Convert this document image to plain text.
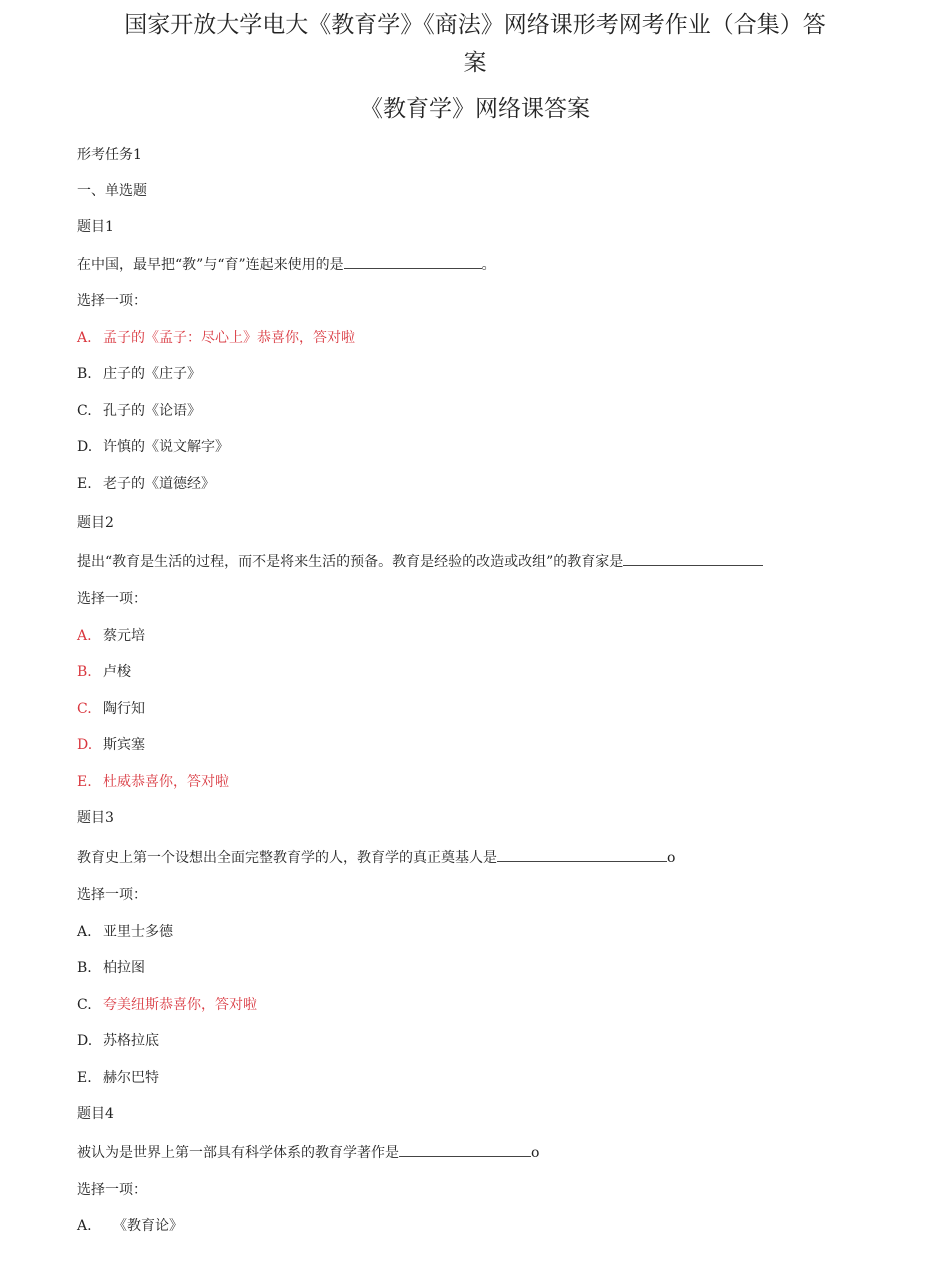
国家开放大学电大《教育学》《商法》网络课形考网考作业（合集）答
案
《教育学》网络课答案
形考任务1
一、单选题
题目1
在中国，最早把“教”与“育”连起来使用的是	。
选择一项：
A. 孟子的《孟子：尽心上》恭喜你，答对啦
B. 庄子的《庄子》
C. 孔子的《论语》
D. 许慎的《说文解字》
E. 老子的《道德经》
题目2
提出“教育是生活的过程，而不是将来生活的预备。教育是经验的改造或改组”的教育家是
选择一项：
A. 蔡元培
B. 卢梭
C. 陶行知
D. 斯宾塞
E. 杜威恭喜你，答对啦
题目3
教育史上第一个设想出全面完整教育学的人，教育学的真正奠基人是	o
选择一项：
A. 亚里士多德
B. 柏拉图
C. 夸美纽斯恭喜你，答对啦
D. 苏格拉底
E. 赫尔巴特
题目4
被认为是世界上第一部具有科学体系的教育学著作是	o
选择一项：
A. 《教育论》
